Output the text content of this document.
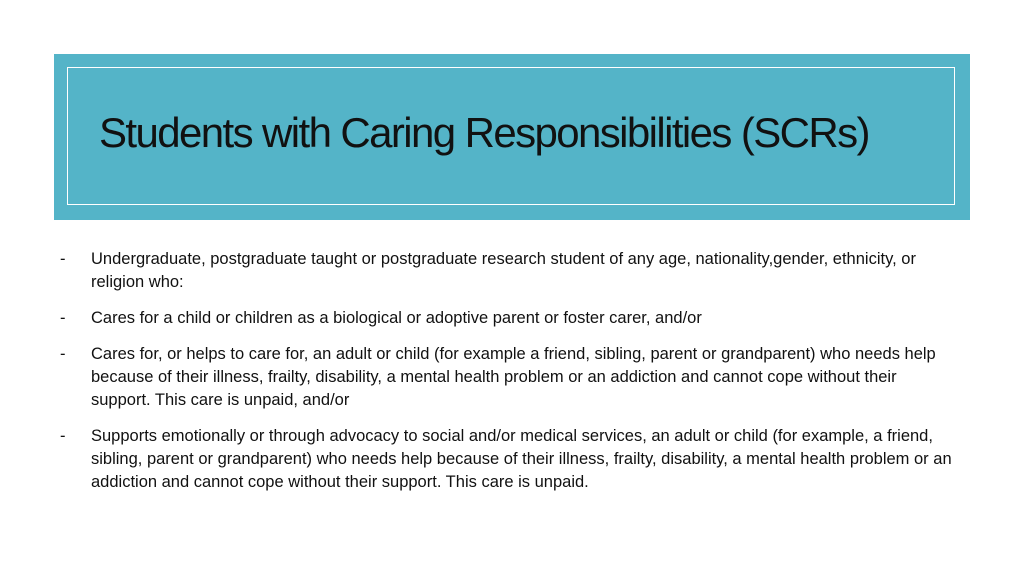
Students with Caring Responsibilities (SCRs)
- Undergraduate, postgraduate taught or postgraduate research student of any age, nationality,gender, ethnicity, or religion who:
- Cares for a child or children as a biological or adoptive parent or foster carer, and/or
- Cares for, or helps to care for, an adult or child (for example a friend, sibling, parent or grandparent) who needs help because of their illness, frailty, disability, a mental health problem or an addiction and cannot cope without their support. This care is unpaid, and/or
- Supports emotionally or through advocacy to social and/or medical services, an adult or child (for example, a friend, sibling, parent or grandparent) who needs help because of their illness, frailty, disability, a mental health problem or an addiction and cannot cope without their support. This care is unpaid.
